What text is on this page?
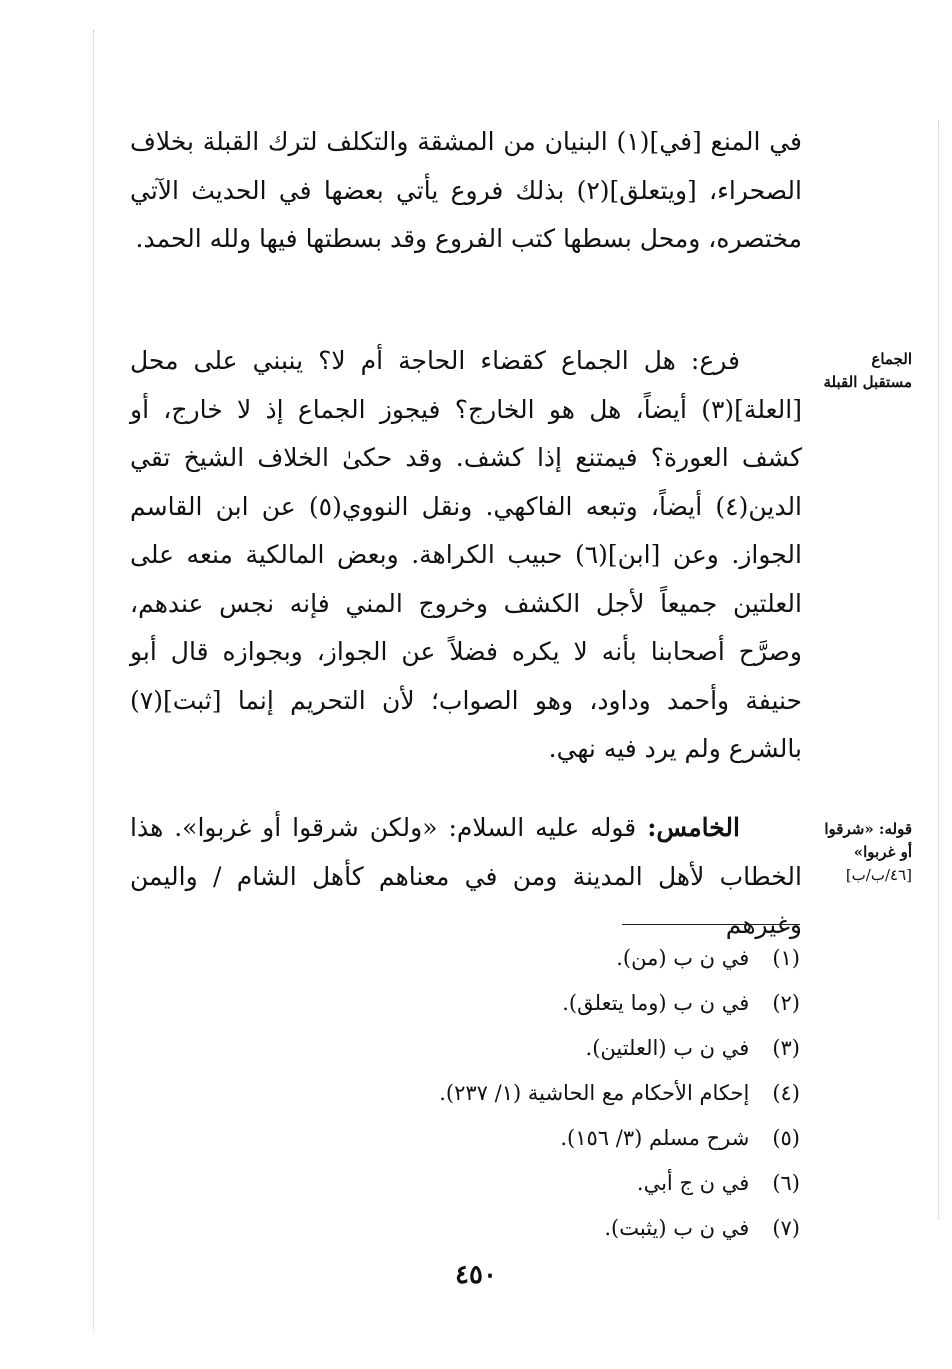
في المنع [في](١) البنيان من المشقة والتكلف لترك القبلة بخلاف الصحراء، [ويتعلق](٢) بذلك فروع يأتي بعضها في الحديث الآتي مختصره، ومحل بسطها كتب الفروع وقد بسطتها فيها ولله الحمد.

فرع: هل الجماع كقضاء الحاجة أم لا؟ ينبني على محل [العلة](٣) أيضاً، هل هو الخارج؟ فيجوز الجماع إذ لا خارج، أو كشف العورة؟ فيمتنع إذا كشف. وقد حكىٰ الخلاف الشيخ تقي الدين(٤) أيضاً، وتبعه الفاكهي. ونقل النووي(٥) عن ابن القاسم الجواز. وعن [ابن](٦) حبيب الكراهة. وبعض المالكية منعه على العلتين جميعاً لأجل الكشف وخروج المني فإنه نجس عندهم، وصرَّح أصحابنا بأنه لا يكره فضلاً عن الجواز، وبجوازه قال أبو حنيفة وأحمد وداود، وهو الصواب؛ لأن التحريم إنما [ثبت](٧) بالشرع ولم يرد فيه نهي.

الخامس: قوله عليه السلام: «ولكن شرقوا أو غربوا». هذا الخطاب لأهل المدينة ومن في معناهم كأهل الشام / واليمن وغيرهم

الجماع
مستقبل القبلة
قوله: «شرقوا
أو غربوا»
[٤٦/ب/ب]
(١) في ن ب (من).
(٢) في ن ب (وما يتعلق).
(٣) في ن ب (العلتين).
(٤) إحكام الأحكام مع الحاشية (١/ ٢٣٧).
(٥) شرح مسلم (٣/ ١٥٦).
(٦) في ن ج أبي.
(٧) في ن ب (يثبت).
٤٥٠
